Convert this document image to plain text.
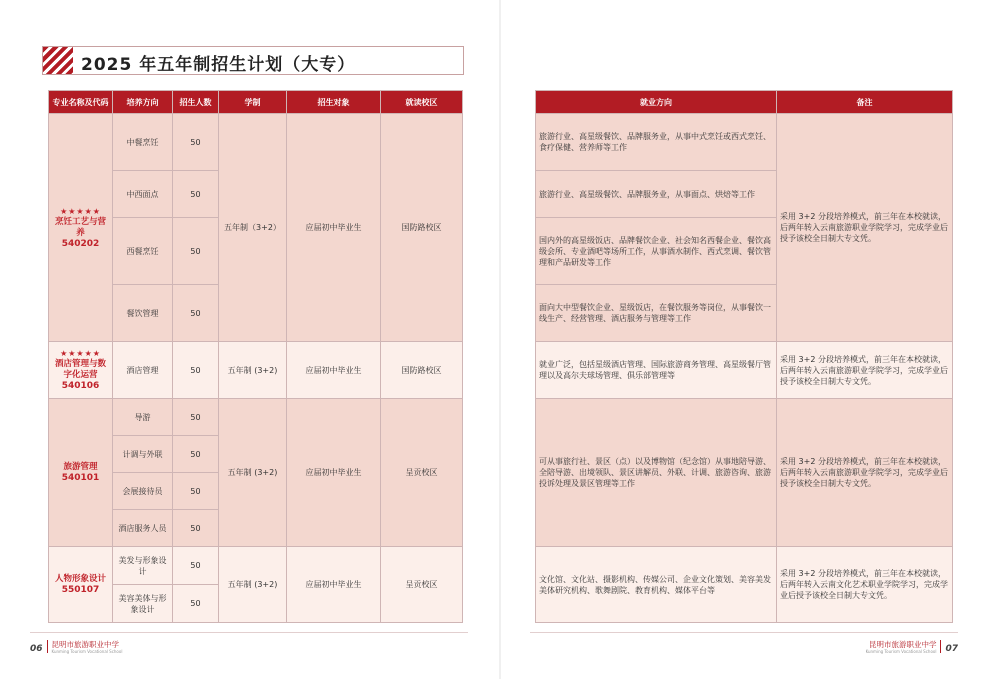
2025 年五年制招生计划（大专）
专业名称及代码	培养方向	招生人数	学制	招生对象	就读校区

★★★★★
烹饪工艺与营养
540202	中餐烹饪	50	五年制（3+2）	应届初中毕业生	国防路校区
	中西面点	50			
	西餐烹饪	50			
	餐饮管理	50			

★★★★★
酒店管理与数字化运营
540106	酒店管理	50	五年制 (3+2)	应届初中毕业生	国防路校区
旅游管理
540101	导游	50	五年制 (3+2)	应届初中毕业生	呈贡校区
	计调与外联	50			
	会展接待员	50			
	酒店服务人员	50			
人物形象设计
550107	美发与形象设计	50	五年制 (3+2)	应届初中毕业生	呈贡校区
	美容美体与形象设计	50			
就业方向	备注
旅游行业、高星级餐饮、品牌服务业，从事中式烹饪或西式烹饪、食疗保健、营养师等工作	采用 3+2 分段培养模式，前三年在本校就读，后两年转入云南旅游职业学院学习，完成学业后授予该校全日制大专文凭。
旅游行业、高星级餐饮、品牌服务业，从事面点、烘焙等工作	
国内外的高星级饭店、品牌餐饮企业、社会知名西餐企业、餐饮高级会所、专业酒吧等场所工作，从事酒水制作、西式烹调、餐饮管理和产品研发等工作	
面向大中型餐饮企业、星级饭店，在餐饮服务等岗位，从事餐饮一线生产、经营管理、酒店服务与管理等工作	
就业广泛，包括星级酒店管理、国际旅游商务管理、高星级餐厅管理以及高尔夫球场管理、俱乐部管理等	采用 3+2 分段培养模式，前三年在本校就读，后两年转入云南旅游职业学院学习，完成学业后授予该校全日制大专文凭。
可从事旅行社、景区（点）以及博物馆（纪念馆）从事地陪导游、全陪导游、出境领队、景区讲解员、外联、计调、旅游咨询、旅游投诉处理及景区管理等工作	采用 3+2 分段培养模式，前三年在本校就读，后两年转入云南旅游职业学院学习，完成学业后授予该校全日制大专文凭。
文化馆、文化站、摄影机构、传媒公司、企业文化策划、美容美发美体研究机构、歌舞剧院、教育机构、媒体平台等	采用 3+2 分段培养模式，前三年在本校就读，后两年转入云南文化艺术职业学院学习，完成学业后授予该校全日制大专文凭。
06 昆明市旅游职业中学
Kunming Tourism Vocational School
昆明市旅游职业中学
Kunming Tourism Vocational School 07
